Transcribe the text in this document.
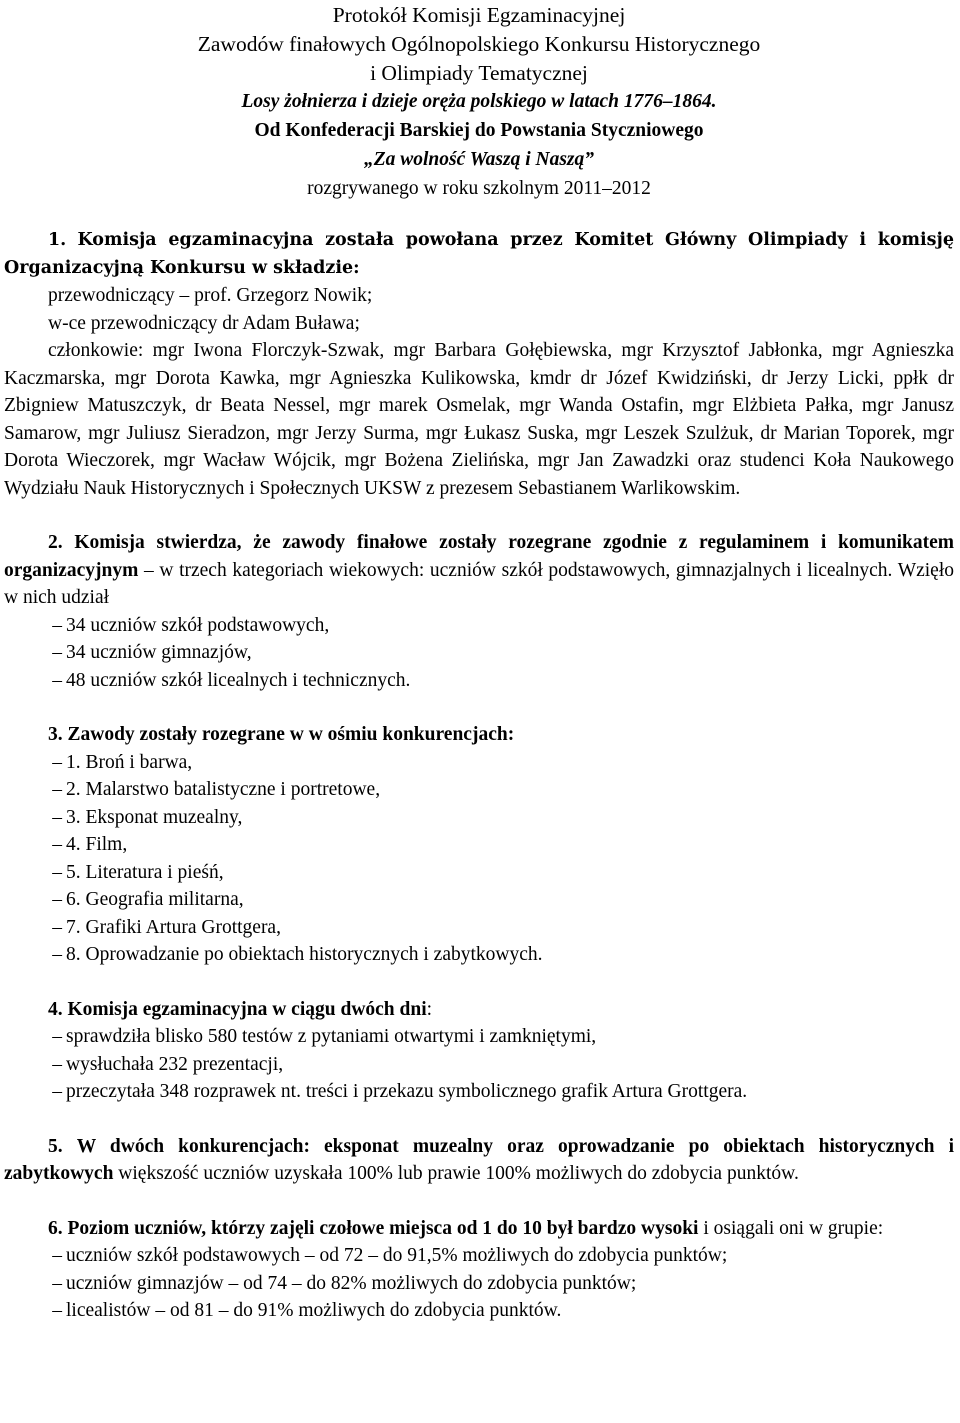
Protokół Komisji Egzaminacyjnej
Zawodów finałowych Ogólnopolskiego Konkursu Historycznego
i Olimpiady Tematycznej
Losy żołnierza i dzieje oręża polskiego w latach 1776–1864.
Od Konfederacji Barskiej do Powstania Styczniowego
„Za wolność Waszą i Naszą”
rozgrywanego w roku szkolnym 2011–2012
1. Komisja egzaminacyjna została powołana przez Komitet Główny Olimpiady i komisję Organizacyjną Konkursu w składzie:
przewodniczący – prof. Grzegorz Nowik;
w-ce przewodniczący dr Adam Buława;
członkowie: mgr Iwona Florczyk-Szwak, mgr Barbara Gołębiewska, mgr Krzysztof Jabłonka, mgr Agnieszka Kaczmarska, mgr Dorota Kawka, mgr Agnieszka Kulikowska, kmdr dr Józef Kwidziński, dr Jerzy Licki, ppłk dr Zbigniew Matuszczyk, dr Beata Nessel, mgr marek Osmelak, mgr Wanda Ostafin, mgr Elżbieta Pałka, mgr Janusz Samarow, mgr Juliusz Sieradzon, mgr Jerzy Surma, mgr Łukasz Suska, mgr Leszek Szulżuk, dr Marian Toporek, mgr Dorota Wieczorek, mgr Wacław Wójcik, mgr Bożena Zielińska, mgr Jan Zawadzki oraz studenci Koła Naukowego Wydziału Nauk Historycznych i Społecznych UKSW z prezesem Sebastianem Warlikowskim.
2. Komisja stwierdza, że zawody finałowe zostały rozegrane zgodnie z regulaminem i komunikatem organizacyjnym – w trzech kategoriach wiekowych: uczniów szkół podstawowych, gimnazjalnych i licealnych. Wzięło w nich udział
– 34 uczniów szkół podstawowych,
– 34 uczniów gimnazjów,
– 48 uczniów szkół licealnych i technicznych.
3. Zawody zostały rozegrane w w ośmiu konkurencjach:
– 1. Broń i barwa,
– 2. Malarstwo batalistyczne i portretowe,
– 3. Eksponat muzealny,
– 4. Film,
– 5. Literatura i pieśń,
– 6. Geografia militarna,
– 7. Grafiki Artura Grottgera,
– 8. Oprowadzanie po obiektach historycznych i zabytkowych.
4. Komisja egzaminacyjna w ciągu dwóch dni:
– sprawdziła blisko 580 testów z pytaniami otwartymi i zamkniętymi,
– wysłuchała 232 prezentacji,
– przeczytała 348 rozprawek nt. treści i przekazu symbolicznego grafik Artura Grottgera.
5. W dwóch konkurencjach: eksponat muzealny oraz oprowadzanie po obiektach historycznych i zabytkowych większość uczniów uzyskała 100% lub prawie 100% możliwych do zdobycia punktów.
6. Poziom uczniów, którzy zajęli czołowe miejsca od 1 do 10 był bardzo wysoki i osiągali oni w grupie:
– uczniów szkół podstawowych – od 72 – do 91,5% możliwych do zdobycia punktów;
– uczniów gimnazjów – od 74 – do 82% możliwych do zdobycia punktów;
– licealistów – od 81 – do 91% możliwych do zdobycia punktów.
